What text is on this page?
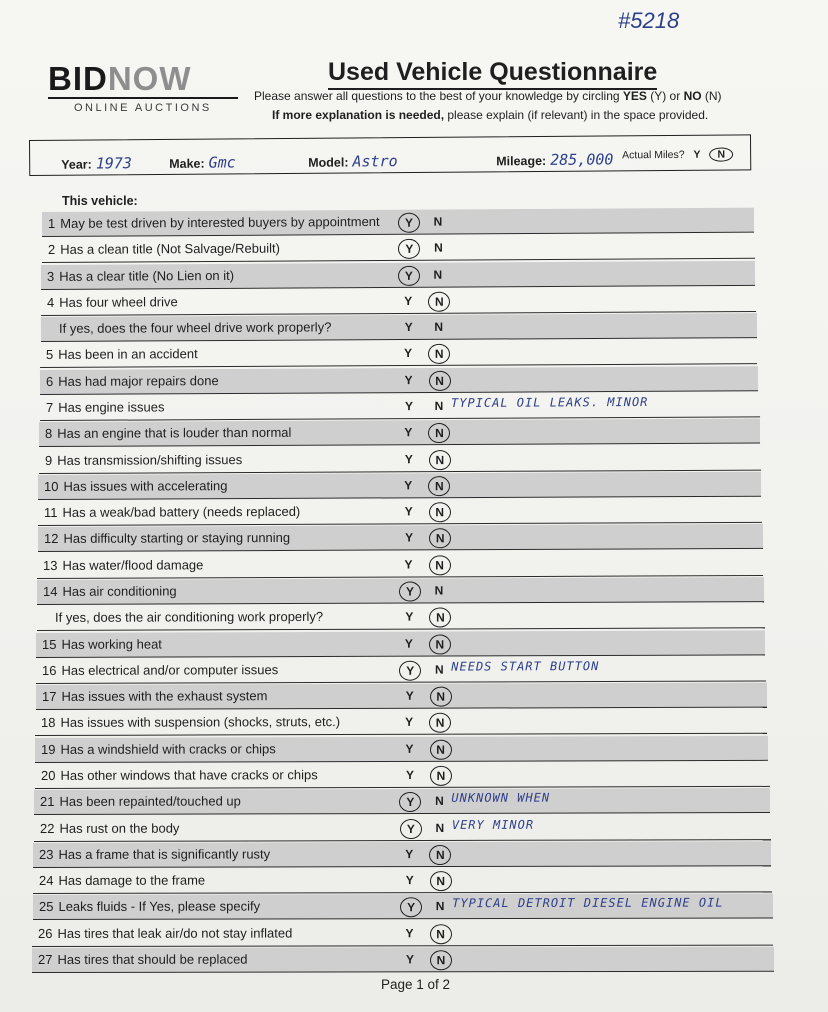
#5218
BIDNOW
ONLINE AUCTIONS
Used Vehicle Questionnaire
Please answer all questions to the best of your knowledge by circling YES (Y) or NO (N)
If more explanation is needed, please explain (if relevant) in the space provided.
Year: 1973	Make: Gmc	Model: Astro	Mileage: 285,000 Actual Miles? Y N
This vehicle:
1 May be test driven by interested buyers by appointment	Y	N
2 Has a clean title (Not Salvage/Rebuilt)	Y	N
3 Has a clear title (No Lien on it)	Y	N
4 Has four wheel drive	Y	N
If yes, does the four wheel drive work properly?	Y	N
5 Has been in an accident	Y	N
6 Has had major repairs done	Y	N
7 Has engine issues	Y	N TYPICAL OIL LEAKS. MINOR
8 Has an engine that is louder than normal	Y	N
9 Has transmission/shifting issues	Y	N
10 Has issues with accelerating	Y	N
11 Has a weak/bad battery (needs replaced)	Y	N
12 Has difficulty starting or staying running	Y	N
13 Has water/flood damage	Y	N
14 Has air conditioning	Y	N
If yes, does the air conditioning work properly?	Y	N
15 Has working heat	Y	N
16 Has electrical and/or computer issues	Y	N NEEDS START BUTTON
17 Has issues with the exhaust system	Y	N
18 Has issues with suspension (shocks, struts, etc.)	Y	N
19 Has a windshield with cracks or chips	Y	N
20 Has other windows that have cracks or chips	Y	N
21 Has been repainted/touched up	Y	N UNKNOWN WHEN
22 Has rust on the body	Y	N VERY MINOR
23 Has a frame that is significantly rusty	Y	N
24 Has damage to the frame	Y	N
25 Leaks fluids - If Yes, please specify	Y	N TYPICAL DETROIT DIESEL ENGINE OIL
26 Has tires that leak air/do not stay inflated	Y	N
27 Has tires that should be replaced	Y	N
Page 1 of 2
